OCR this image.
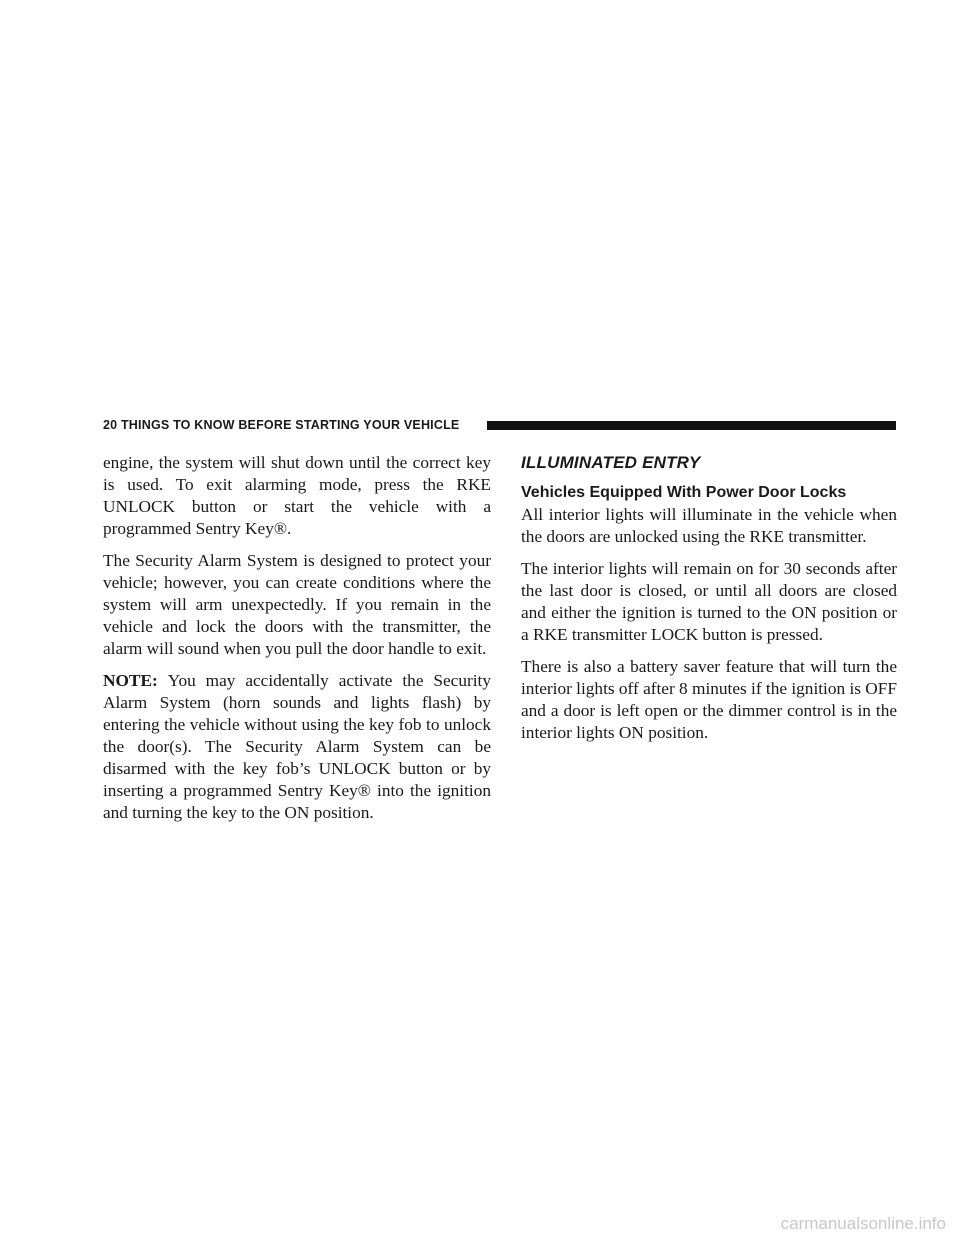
20 THINGS TO KNOW BEFORE STARTING YOUR VEHICLE

engine, the system will shut down until the correct key is used. To exit alarming mode, press the RKE UNLOCK button or start the vehicle with a programmed Sentry Key®.

The Security Alarm System is designed to protect your vehicle; however, you can create conditions where the system will arm unexpectedly. If you remain in the vehicle and lock the doors with the transmitter, the alarm will sound when you pull the door handle to exit.

NOTE: You may accidentally activate the Security Alarm System (horn sounds and lights flash) by entering the vehicle without using the key fob to unlock the door(s). The Security Alarm System can be disarmed with the key fob’s UNLOCK button or by inserting a programmed Sentry Key® into the ignition and turning the key to the ON position.

ILLUMINATED ENTRY
Vehicles Equipped With Power Door Locks

All interior lights will illuminate in the vehicle when the doors are unlocked using the RKE transmitter.

The interior lights will remain on for 30 seconds after the last door is closed, or until all doors are closed and either the ignition is turned to the ON position or a RKE transmitter LOCK button is pressed.

There is also a battery saver feature that will turn the interior lights off after 8 minutes if the ignition is OFF and a door is left open or the dimmer control is in the interior lights ON position.

carmanualsonline.info
